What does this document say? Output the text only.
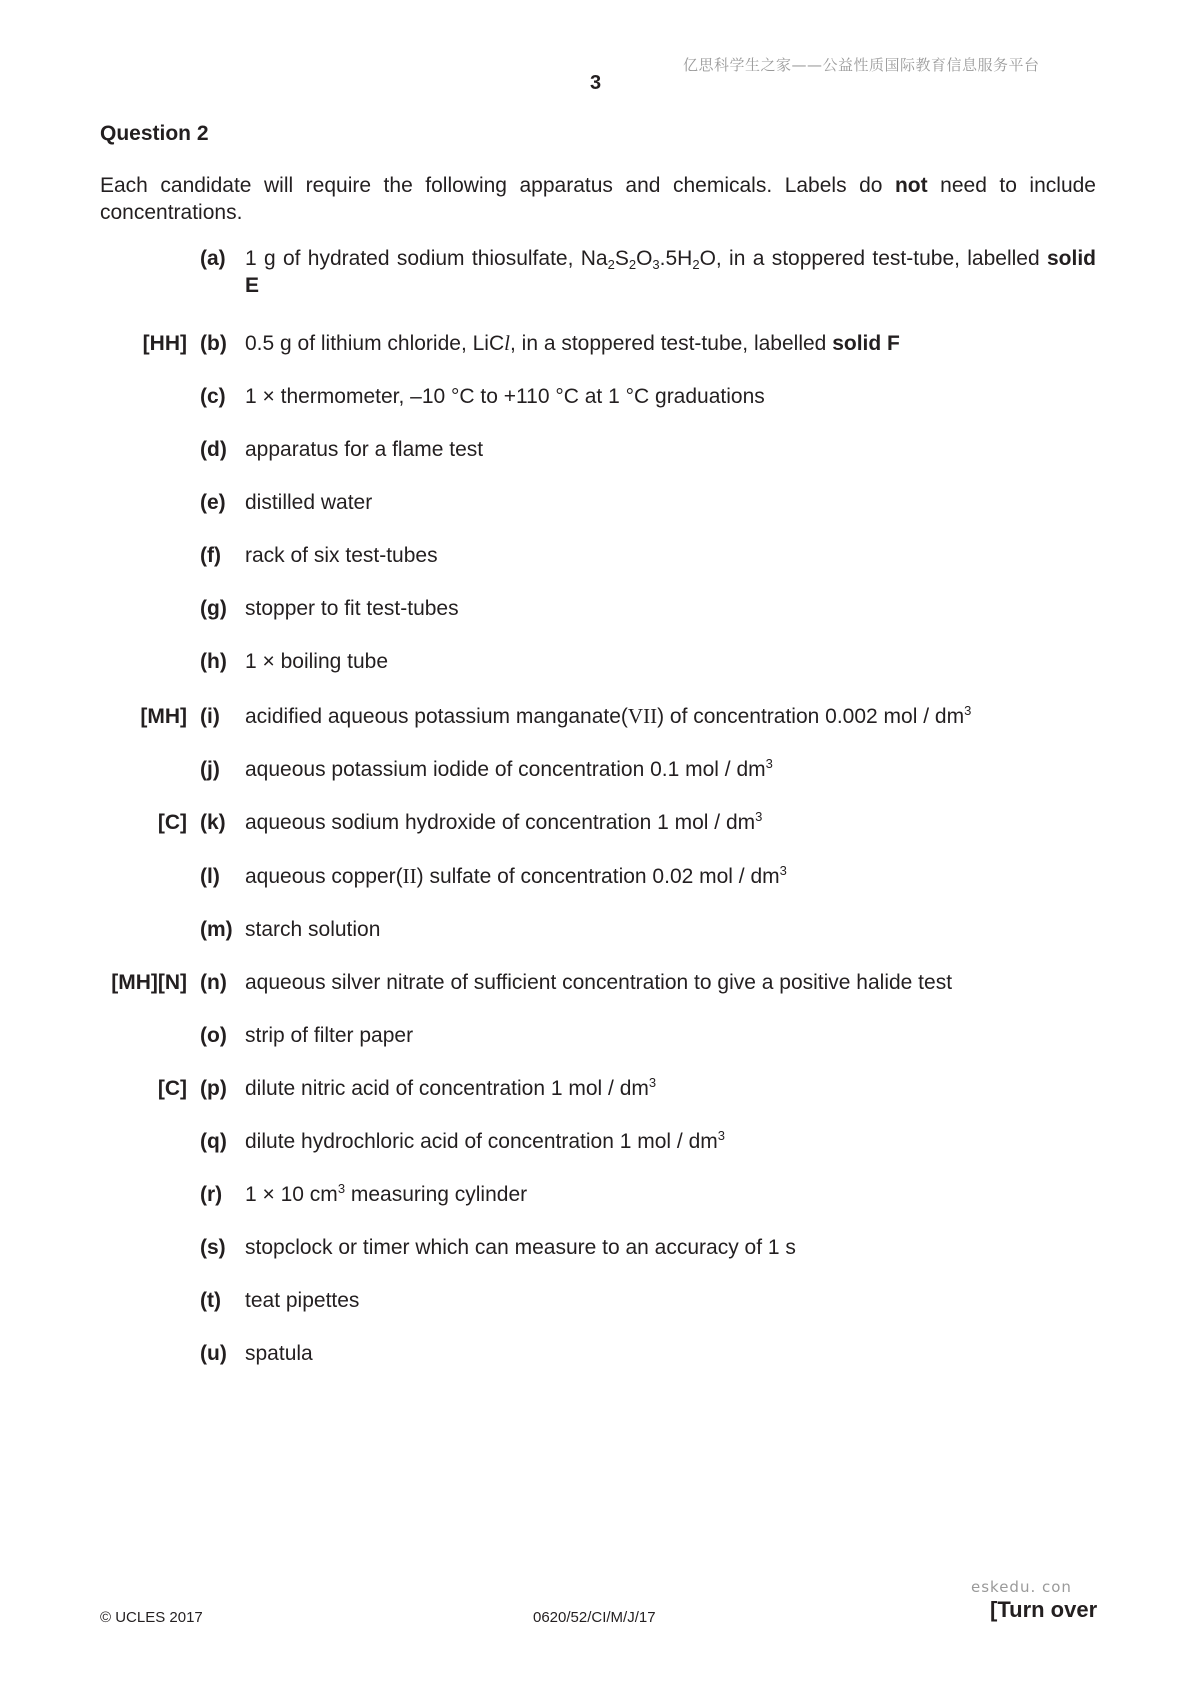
亿思科学生之家——公益性质国际教育信息服务平台
3
Question 2
Each candidate will require the following apparatus and chemicals. Labels do not need to include concentrations.
(a) 1 g of hydrated sodium thiosulfate, $Na_2S_2O_3.5H_2O$, in a stoppered test-tube, labelled solid E
[HH] (b) 0.5 g of lithium chloride, LiCl, in a stoppered test-tube, labelled solid F
(c) 1 × thermometer, –10 °C to +110 °C at 1 °C graduations
(d) apparatus for a flame test
(e) distilled water
(f) rack of six test-tubes
(g) stopper to fit test-tubes
(h) 1 × boiling tube
[MH] (i) acidified aqueous potassium manganate(VII) of concentration 0.002 mol / $dm^3$
(j) aqueous potassium iodide of concentration 0.1 mol / $dm^3$
[C] (k) aqueous sodium hydroxide of concentration 1 mol / $dm^3$
(l) aqueous copper(II) sulfate of concentration 0.02 mol / $dm^3$
(m) starch solution
[MH][N] (n) aqueous silver nitrate of sufficient concentration to give a positive halide test
(o) strip of filter paper
[C] (p) dilute nitric acid of concentration 1 mol / $dm^3$
(q) dilute hydrochloric acid of concentration 1 mol / $dm^3$
(r) 1 × 10 $cm^3$ measuring cylinder
(s) stopclock or timer which can measure to an accuracy of 1 s
(t) teat pipettes
(u) spatula
eskedu. con
© UCLES 2017	0620/52/CI/M/J/17	[Turn over
